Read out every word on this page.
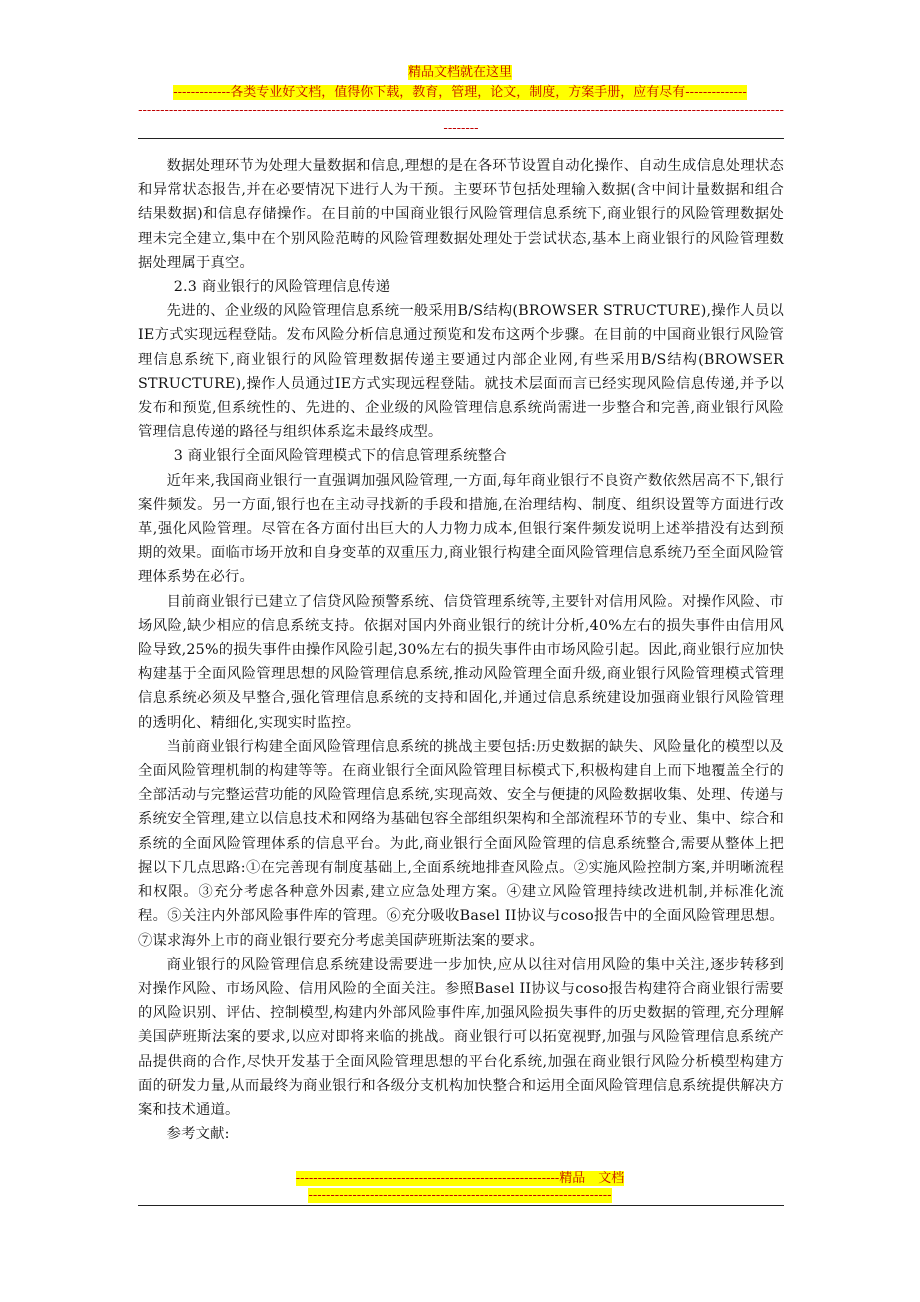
精品文档就在这里
-------------各类专业好文档，值得你下载，教育，管理，论文，制度，方案手册，应有尽有--------------
-----------------------------------------------------------------------------------------------------------------------------------------------------------

数据处理环节为处理大量数据和信息,理想的是在各环节设置自动化操作、自动生成信息处理状态和异常状态报告,并在必要情况下进行人为干预。主要环节包括处理输入数据(含中间计量数据和组合结果数据)和信息存储操作。在目前的中国商业银行风险管理信息系统下,商业银行的风险管理数据处理未完全建立,集中在个别风险范畴的风险管理数据处理处于尝试状态,基本上商业银行的风险管理数据处理属于真空。

2.3 商业银行的风险管理信息传递

先进的、企业级的风险管理信息系统一般采用B/S结构(BROWSER STRUCTURE),操作人员以IE方式实现远程登陆。发布风险分析信息通过预览和发布这两个步骤。在目前的中国商业银行风险管理信息系统下,商业银行的风险管理数据传递主要通过内部企业网,有些采用B/S结构(BROWSER STRUCTURE),操作人员通过IE方式实现远程登陆。就技术层面而言已经实现风险信息传递,并予以发布和预览,但系统性的、先进的、企业级的风险管理信息系统尚需进一步整合和完善,商业银行风险管理信息传递的路径与组织体系迄未最终成型。

3 商业银行全面风险管理模式下的信息管理系统整合

近年来,我国商业银行一直强调加强风险管理,一方面,每年商业银行不良资产数依然居高不下,银行案件频发。另一方面,银行也在主动寻找新的手段和措施,在治理结构、制度、组织设置等方面进行改革,强化风险管理。尽管在各方面付出巨大的人力物力成本,但银行案件频发说明上述举措没有达到预期的效果。面临市场开放和自身变革的双重压力,商业银行构建全面风险管理信息系统乃至全面风险管理体系势在必行。

目前商业银行已建立了信贷风险预警系统、信贷管理系统等,主要针对信用风险。对操作风险、市场风险,缺少相应的信息系统支持。依据对国内外商业银行的统计分析,40%左右的损失事件由信用风险导致,25%的损失事件由操作风险引起,30%左右的损失事件由市场风险引起。因此,商业银行应加快构建基于全面风险管理思想的风险管理信息系统,推动风险管理全面升级,商业银行风险管理模式管理信息系统必须及早整合,强化管理信息系统的支持和固化,并通过信息系统建设加强商业银行风险管理的透明化、精细化,实现实时监控。

当前商业银行构建全面风险管理信息系统的挑战主要包括:历史数据的缺失、风险量化的模型以及全面风险管理机制的构建等等。在商业银行全面风险管理目标模式下,积极构建自上而下地覆盖全行的全部活动与完整运营功能的风险管理信息系统,实现高效、安全与便捷的风险数据收集、处理、传递与系统安全管理,建立以信息技术和网络为基础包容全部组织架构和全部流程环节的专业、集中、综合和系统的全面风险管理体系的信息平台。为此,商业银行全面风险管理的信息系统整合,需要从整体上把握以下几点思路:①在完善现有制度基础上,全面系统地排查风险点。②实施风险控制方案,并明晰流程和权限。③充分考虑各种意外因素,建立应急处理方案。④建立风险管理持续改进机制,并标准化流程。⑤关注内外部风险事件库的管理。⑥充分吸收Basel II协议与coso报告中的全面风险管理思想。⑦谋求海外上市的商业银行要充分考虑美国萨班斯法案的要求。

商业银行的风险管理信息系统建设需要进一步加快,应从以往对信用风险的集中关注,逐步转移到对操作风险、市场风险、信用风险的全面关注。参照Basel II协议与coso报告构建符合商业银行需要的风险识别、评估、控制模型,构建内外部风险事件库,加强风险损失事件的历史数据的管理,充分理解美国萨班斯法案的要求,以应对即将来临的挑战。商业银行可以拓宽视野,加强与风险管理信息系统产品提供商的合作,尽快开发基于全面风险管理思想的平台化系统,加强在商业银行风险分析模型构建方面的研发力量,从而最终为商业银行和各级分支机构加快整合和运用全面风险管理信息系统提供解决方案和技术通道。

参考文献:

------------------------------------------------------------精品　文档
---------------------------------------------------------------------
